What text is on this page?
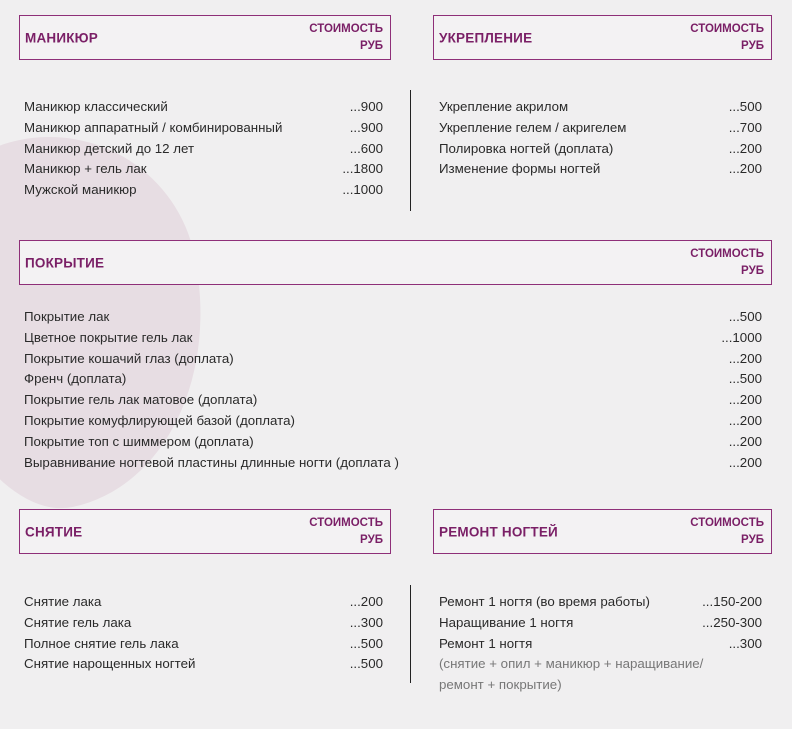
МАНИКЮР
СТОИМОСТЬ
РУБ
Маникюр классический	...900
Маникюр аппаратный / комбинированный	...900
Маникюр детский до 12 лет	...600
Маникюр + гель лак	...1800
Мужской маникюр	...1000
УКРЕПЛЕНИЕ
СТОИМОСТЬ
РУБ
Укрепление акрилом	...500
Укрепление гелем / акригелем	...700
Полировка ногтей (доплата)	...200
Изменение формы ногтей	...200
ПОКРЫТИЕ
СТОИМОСТЬ
РУБ
Покрытие лак	...500
Цветное покрытие гель лак	...1000
Покрытие кошачий глаз (доплата)	...200
Френч (доплата)	...500
Покрытие гель лак матовое (доплата)	...200
Покрытие комуфлирующей базой (доплата)	...200
Покрытие топ с шиммером (доплата)	...200
Выравнивание ногтевой пластины длинные ногти (доплата )	...200
СНЯТИЕ
СТОИМОСТЬ
РУБ
Снятие лака	...200
Снятие гель лака	...300
Полное снятие гель лака	...500
Снятие нарощенных ногтей	...500
РЕМОНТ НОГТЕЙ
СТОИМОСТЬ
РУБ
Ремонт 1 ногтя (во время работы)	...150-200
Наращивание 1 ногтя	...250-300
Ремонт 1 ногтя	...300
(снятие + опил + маникюр + наращивание/
ремонт + покрытие)
